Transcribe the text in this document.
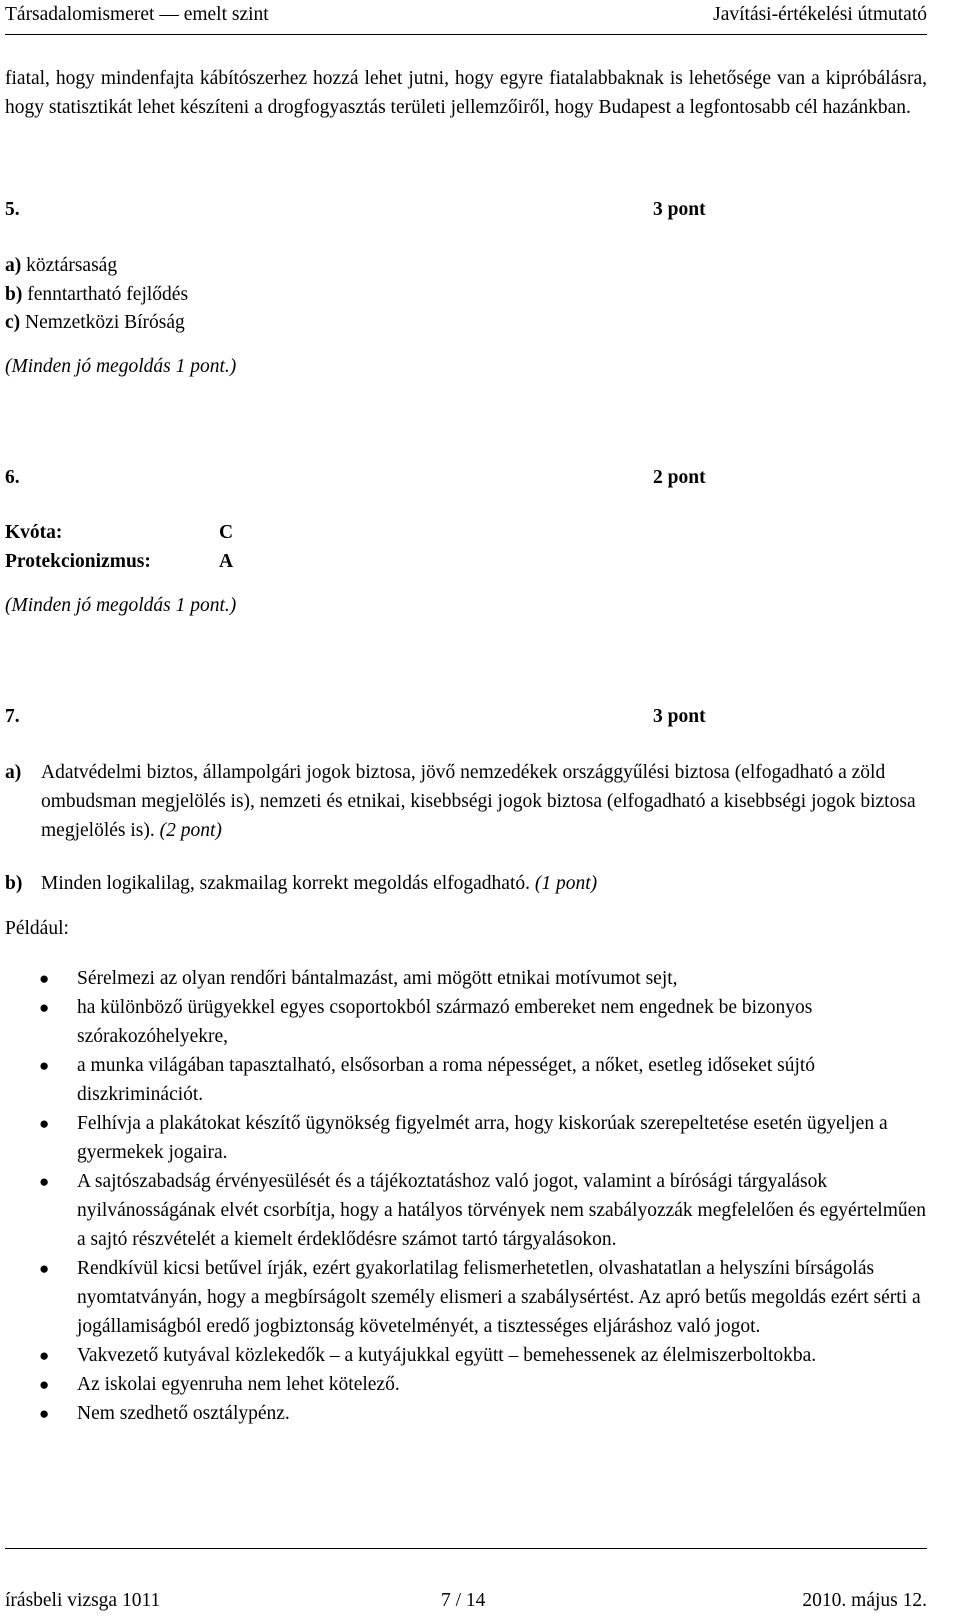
Társadalomismeret — emelt szint	Javítási-értékelési útmutató
fiatal, hogy mindenfajta kábítószerhez hozzá lehet jutni, hogy egyre fiatalabbaknak is lehetősége van a kipróbálásra, hogy statisztikát lehet készíteni a drogfogyasztás területi jellemzőiről, hogy Budapest a legfontosabb cél hazánkban.
5.	3 pont
a) köztársaság
b) fenntartható fejlődés
c) Nemzetközi Bíróság
(Minden jó megoldás 1 pont.)
6.	2 pont
Kvóta:	C
Protekcionizmus:	A
(Minden jó megoldás 1 pont.)
7.	3 pont
a) Adatvédelmi biztos, állampolgári jogok biztosa, jövő nemzedékek országgyűlési biztosa (elfogadható a zöld ombudsman megjelölés is), nemzeti és etnikai, kisebbségi jogok biztosa (elfogadható a kisebbségi jogok biztosa megjelölés is). (2 pont)
b) Minden logikalilag, szakmailag korrekt megoldás elfogadható. (1 pont)
Például:
● Sérelmezi az olyan rendőri bántalmazást, ami mögött etnikai motívumot sejt,
● ha különböző ürügyekkel egyes csoportokból származó embereket nem engednek be bizonyos szórakozóhelyekre,
● a munka világában tapasztalható, elsősorban a roma népességet, a nőket, esetleg időseket sújtó diszkriminációt.
● Felhívja a plakátokat készítő ügynökség figyelmét arra, hogy kiskorúak szerepeltetése esetén ügyeljen a gyermekek jogaira.
● A sajtószabadság érvényesülését és a tájékoztatáshoz való jogot, valamint a bírósági tárgyalások nyilvánosságának elvét csorbítja, hogy a hatályos törvények nem szabályozzák megfelelően és egyértelműen a sajtó részvételét a kiemelt érdeklődésre számot tartó tárgyalásokon.
● Rendkívül kicsi betűvel írják, ezért gyakorlatilag felismerhetetlen, olvashatatlan a helyszíni bírságolás nyomtatványán, hogy a megbírságolt személy elismeri a szabálysértést. Az apró betűs megoldás ezért sérti a jogállamiságból eredő jogbiztonság követelményét, a tisztességes eljáráshoz való jogot.
● Vakvezető kutyával közlekedők – a kutyájukkal együtt – bemehessenek az élelmiszerboltokba.
● Az iskolai egyenruha nem lehet kötelező.
● Nem szedhető osztálypénz.
írásbeli vizsga 1011	7 / 14	2010. május 12.
